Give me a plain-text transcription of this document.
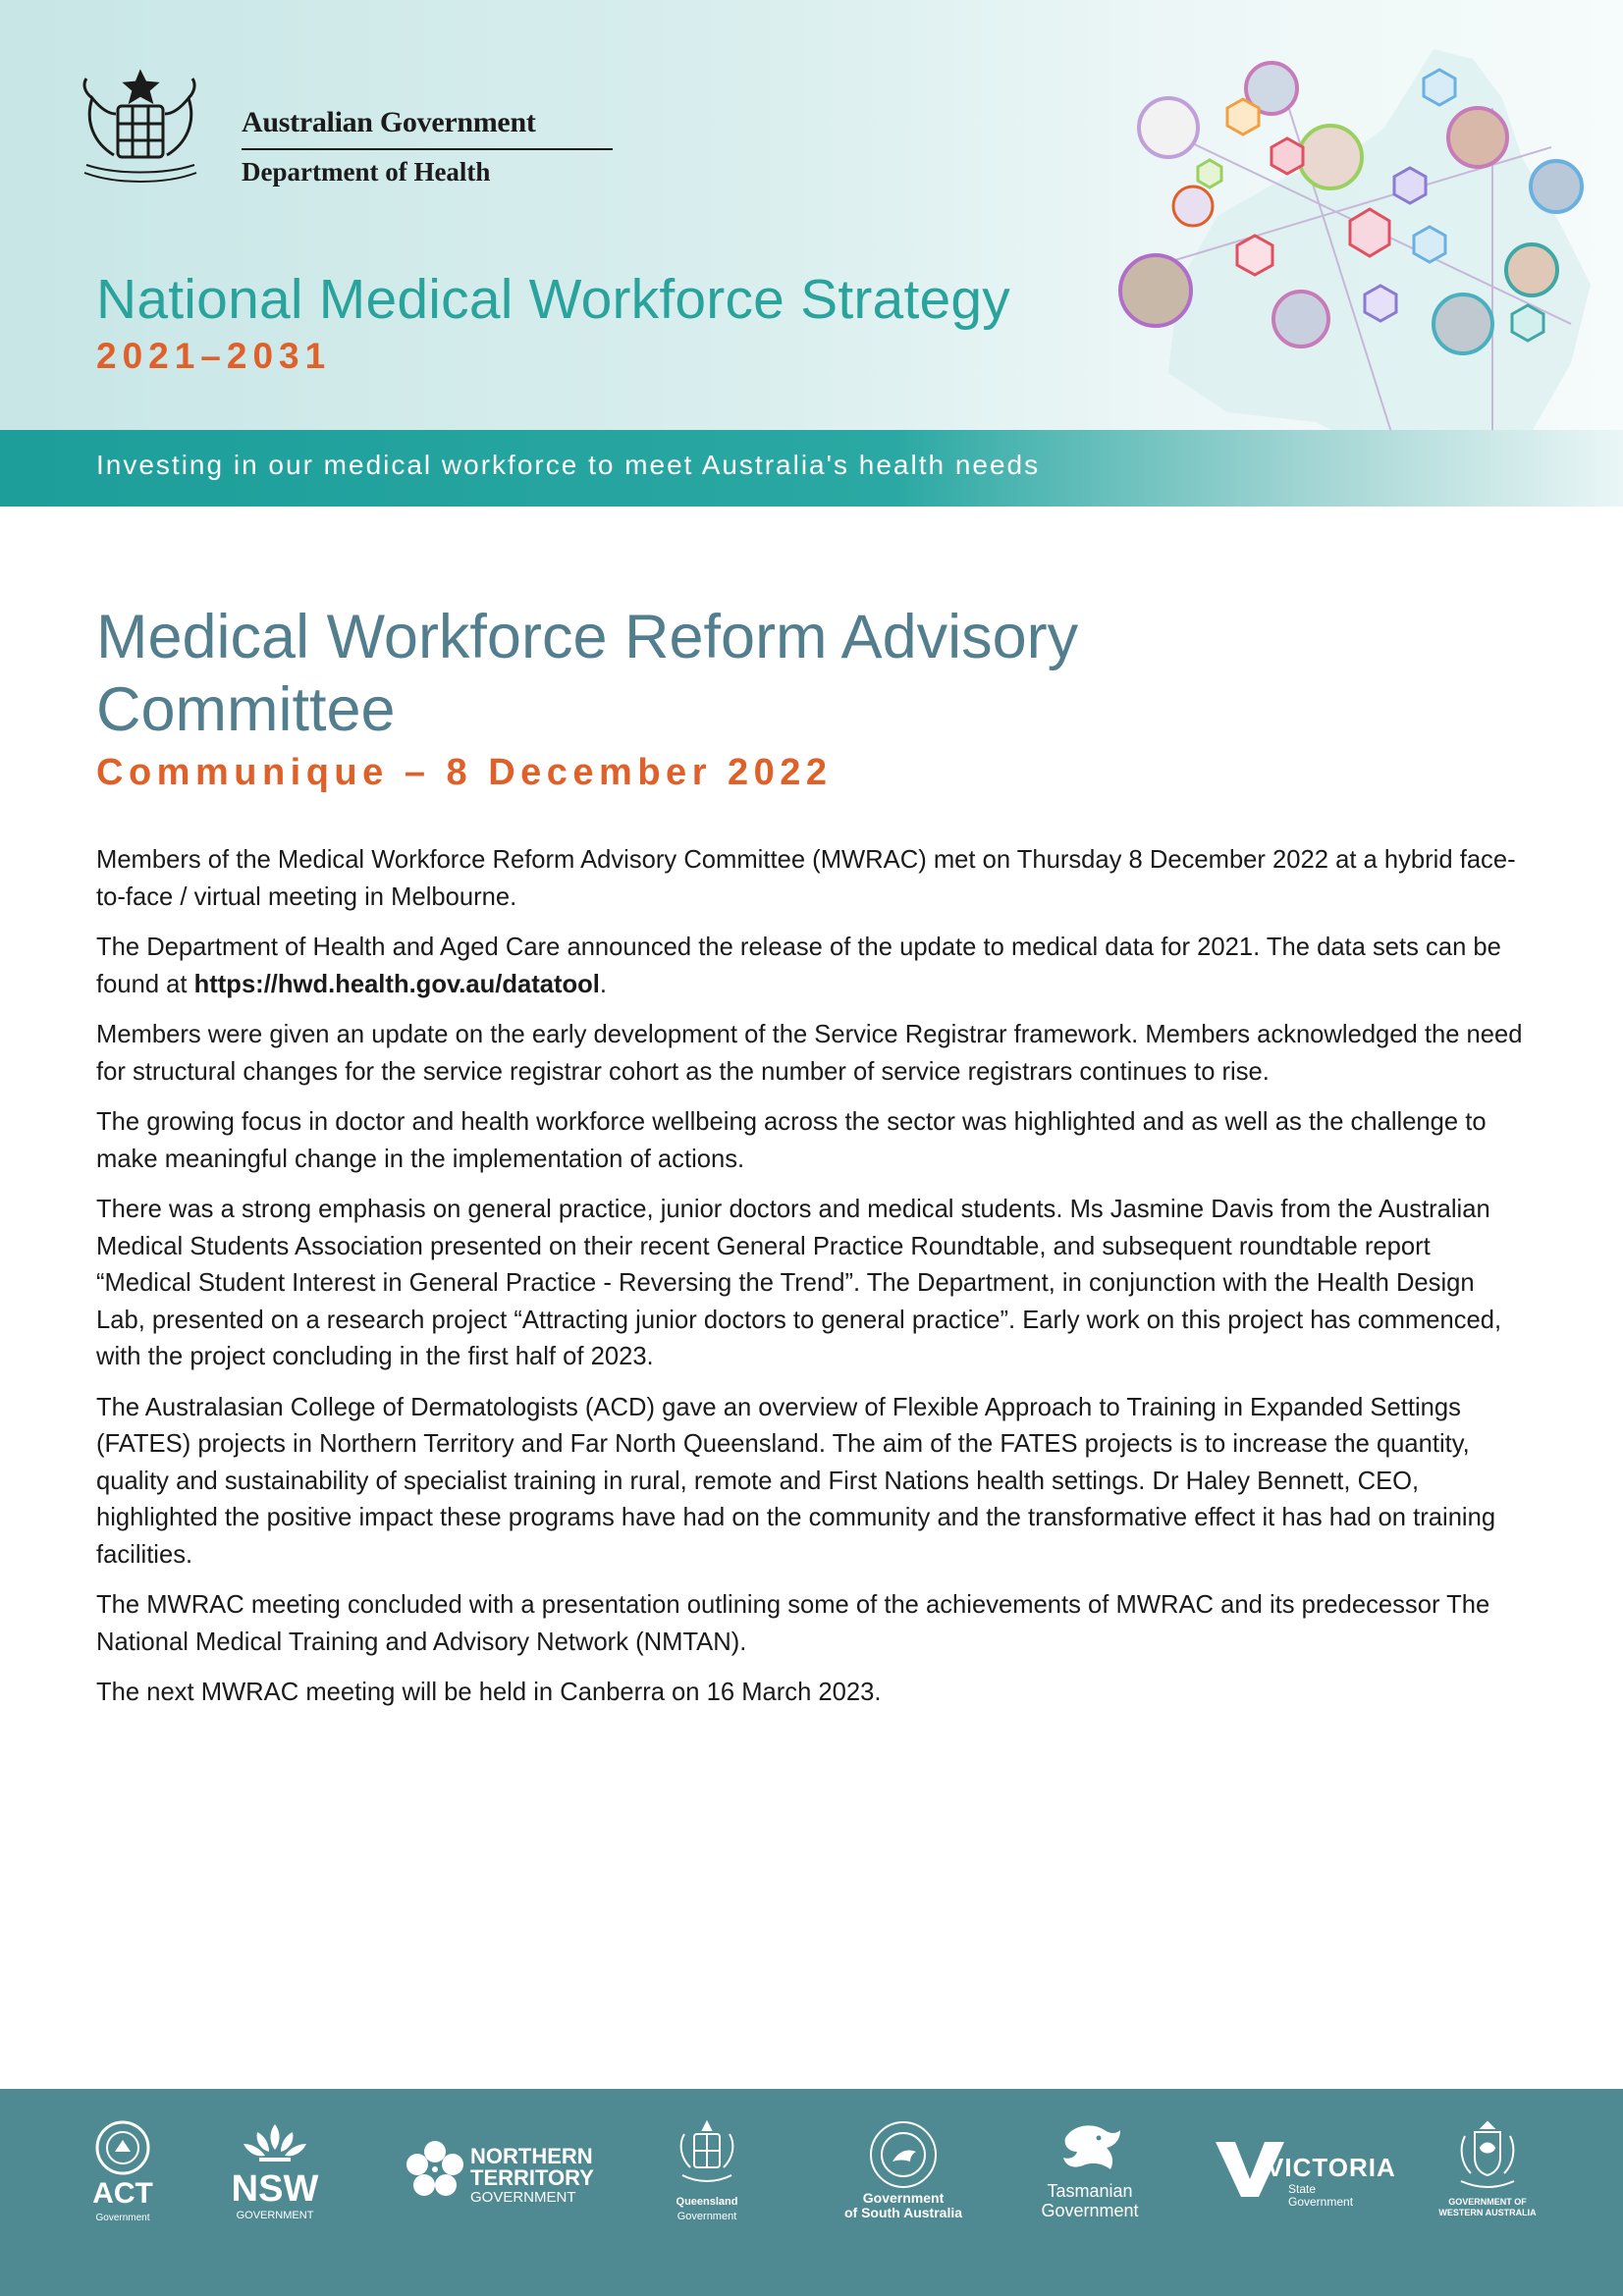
Australian Government
Department of Health
National Medical Workforce Strategy
2021–2031
Investing in our medical workforce to meet Australia's health needs
Medical Workforce Reform Advisory Committee
Communique – 8 December 2022

Members of the Medical Workforce Reform Advisory Committee (MWRAC) met on Thursday 8 December 2022 at a hybrid face-to-face / virtual meeting in Melbourne.

The Department of Health and Aged Care announced the release of the update to medical data for 2021. The data sets can be found at https://hwd.health.gov.au/datatool.

Members were given an update on the early development of the Service Registrar framework. Members acknowledged the need for structural changes for the service registrar cohort as the number of service registrars continues to rise.

The growing focus in doctor and health workforce wellbeing across the sector was highlighted and as well as the challenge to make meaningful change in the implementation of actions.

There was a strong emphasis on general practice, junior doctors and medical students. Ms Jasmine Davis from the Australian Medical Students Association presented on their recent General Practice Roundtable, and subsequent roundtable report “Medical Student Interest in General Practice - Reversing the Trend”. The Department, in conjunction with the Health Design Lab, presented on a research project “Attracting junior doctors to general practice”. Early work on this project has commenced, with the project concluding in the first half of 2023.

The Australasian College of Dermatologists (ACD) gave an overview of Flexible Approach to Training in Expanded Settings (FATES) projects in Northern Territory and Far North Queensland. The aim of the FATES projects is to increase the quantity, quality and sustainability of specialist training in rural, remote and First Nations health settings. Dr Haley Bennett, CEO, highlighted the positive impact these programs have had on the community and the transformative effect it has had on training facilities.

The MWRAC meeting concluded with a presentation outlining some of the achievements of MWRAC and its predecessor The National Medical Training and Advisory Network (NMTAN).

The next MWRAC meeting will be held in Canberra on 16 March 2023.

ACT
Government
NSW
GOVERNMENT
NORTHERN
TERRITORY
GOVERNMENT	Queensland
Government
Government
of South Australia
Tasmanian
Government
VICTORIA
State
Government	GOVERNMENT OF
WESTERN AUSTRALIA
